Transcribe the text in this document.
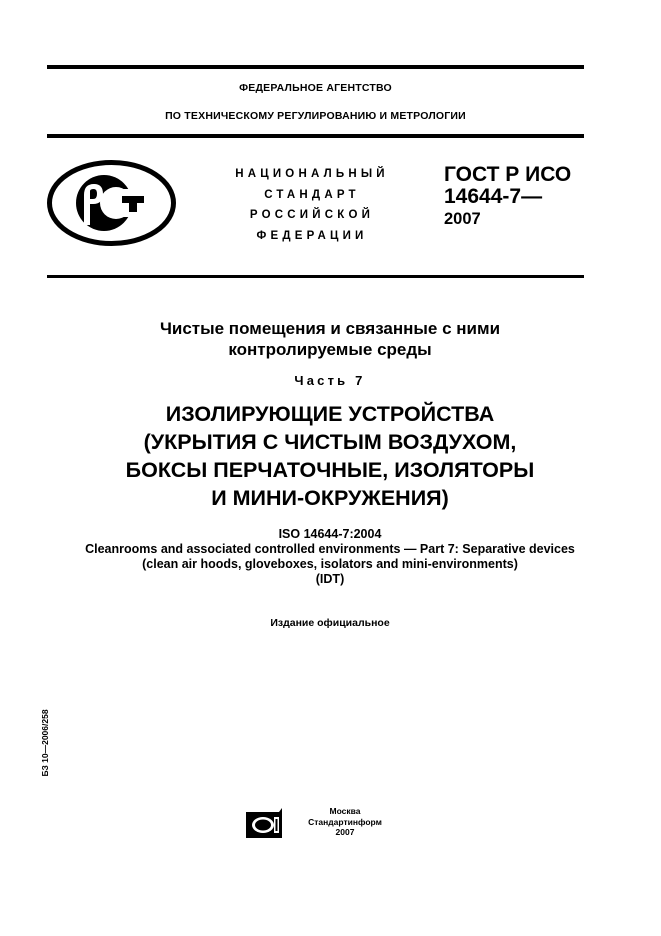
ФЕДЕРАЛЬНОЕ АГЕНТСТВО
ПО ТЕХНИЧЕСКОМУ РЕГУЛИРОВАНИЮ И МЕТРОЛОГИИ
НАЦИОНАЛЬНЫЙ
СТАНДАРТ
РОССИЙСКОЙ
ФЕДЕРАЦИИ
ГОСТ Р ИСО
14644-7—
2007
Чистые помещения и связанные с ними
контролируемые среды
Часть 7
ИЗОЛИРУЮЩИЕ УСТРОЙСТВА
(УКРЫТИЯ С ЧИСТЫМ ВОЗДУХОМ,
БОКСЫ ПЕРЧАТОЧНЫЕ, ИЗОЛЯТОРЫ
И МИНИ-ОКРУЖЕНИЯ)
ISO 14644-7:2004
Cleanrooms and associated controlled environments — Part 7: Separative devices
(clean air hoods, gloveboxes, isolators and mini-environments)
(IDT)
Издание официальное
БЗ 10—2006/258
Москва
Стандартинформ
2007
